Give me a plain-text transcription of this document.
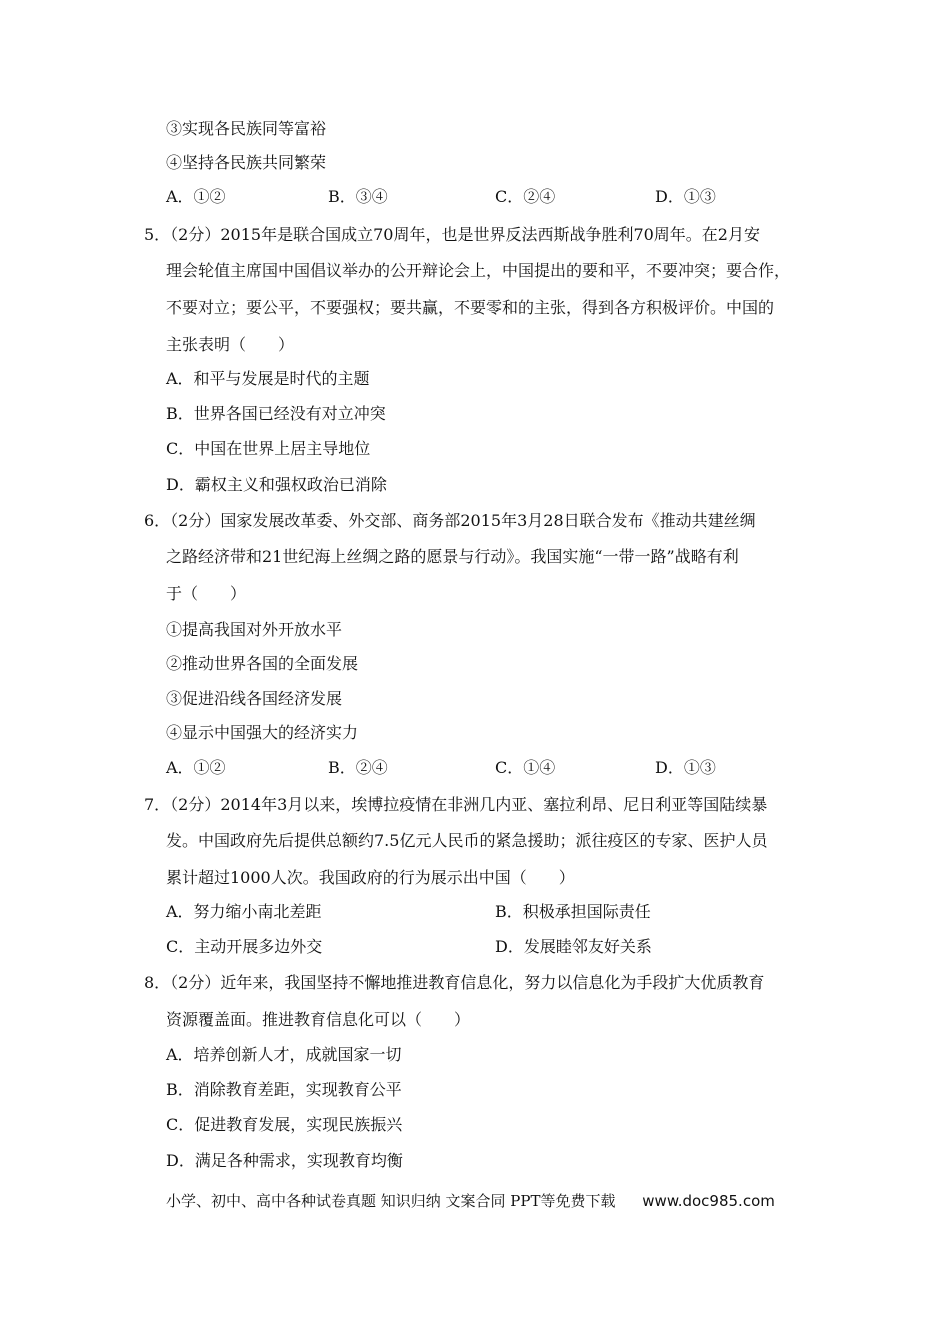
③实现各民族同等富裕
④坚持各民族共同繁荣
A．①②	B．③④	C．②④	D．①③
5．（2分）2015年是联合国成立70周年，也是世界反法西斯战争胜利70周年。在2月安
理会轮值主席国中国倡议举办的公开辩论会上，中国提出的要和平，不要冲突；要合作，
不要对立；要公平，不要强权；要共赢，不要零和的主张，得到各方积极评价。中国的
主张表明（　　）
A．和平与发展是时代的主题
B．世界各国已经没有对立冲突
C．中国在世界上居主导地位
D．霸权主义和强权政治已消除
6．（2分）国家发展改革委、外交部、商务部2015年3月28日联合发布《推动共建丝绸
之路经济带和21世纪海上丝绸之路的愿景与行动》。我国实施“一带一路”战略有利
于（　　）
①提高我国对外开放水平
②推动世界各国的全面发展
③促进沿线各国经济发展
④显示中国强大的经济实力
A．①②	B．②④	C．①④	D．①③
7．（2分）2014年3月以来，埃博拉疫情在非洲几内亚、塞拉利昂、尼日利亚等国陆续暴
发。中国政府先后提供总额约7.5亿元人民币的紧急援助；派往疫区的专家、医护人员
累计超过1000人次。我国政府的行为展示出中国（　　）
A．努力缩小南北差距	B．积极承担国际责任
C．主动开展多边外交	D．发展睦邻友好关系
8．（2分）近年来，我国坚持不懈地推进教育信息化，努力以信息化为手段扩大优质教育
资源覆盖面。推进教育信息化可以（　　）
A．培养创新人才，成就国家一切
B．消除教育差距，实现教育公平
C．促进教育发展，实现民族振兴
D．满足各种需求，实现教育均衡
小学、初中、高中各种试卷真题 知识归纳 文案合同 PPT等免费下载 www.doc985.com
